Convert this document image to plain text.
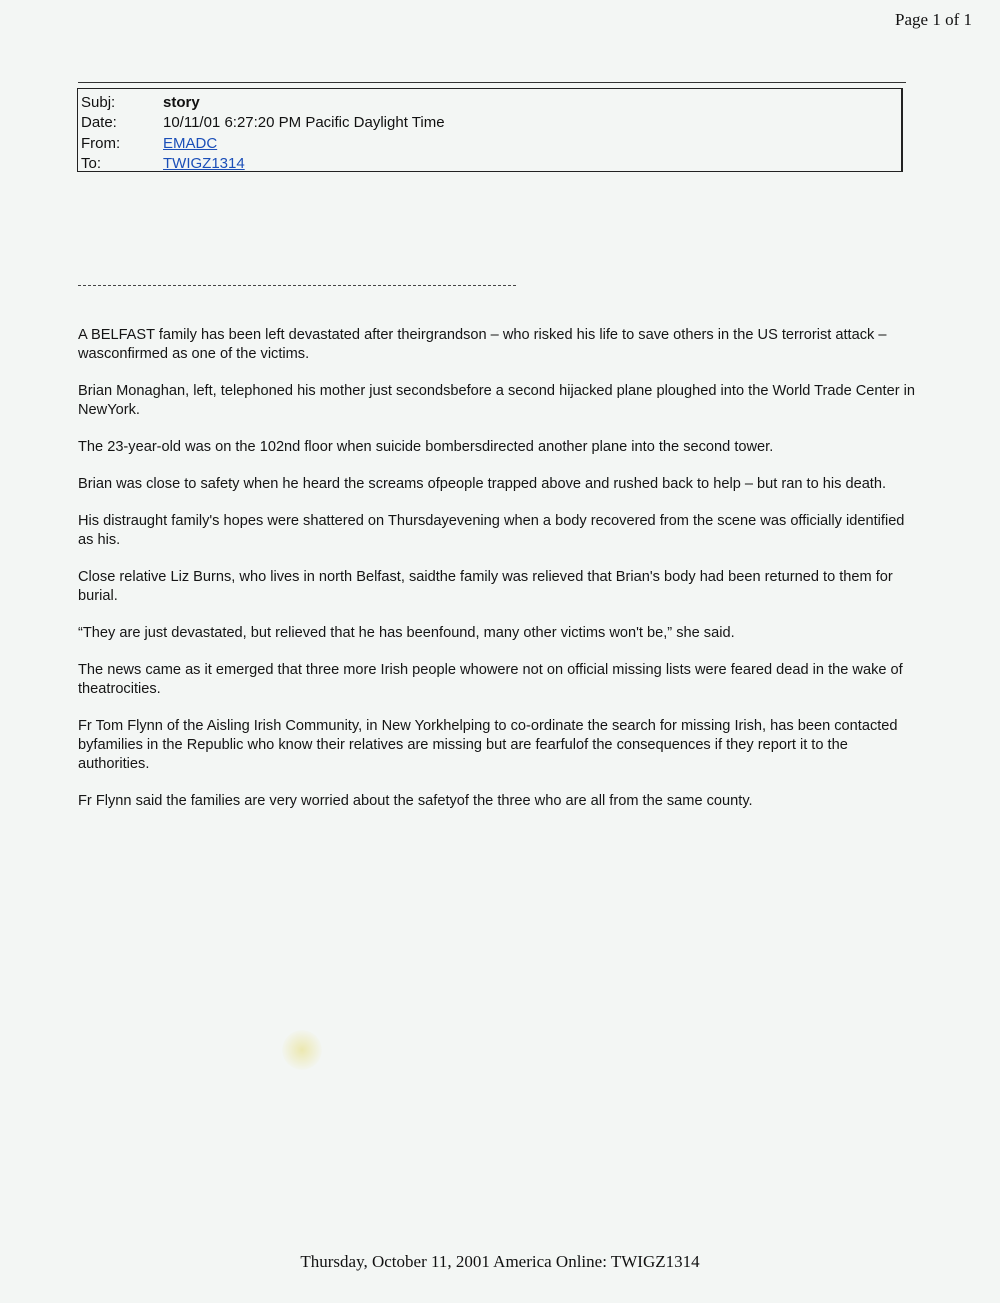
Page 1 of 1
Subj:	story
Date:	10/11/01 6:27:20 PM Pacific Daylight Time
From:	EMADC
To:	TWIGZ1314

A BELFAST family has been left devastated after theirgrandson – who risked his life to save others in the US terrorist attack – wasconfirmed as one of the victims.

Brian Monaghan, left, telephoned his mother just secondsbefore a second hijacked plane ploughed into the World Trade Center in NewYork.

The 23-year-old was on the 102nd floor when suicide bombersdirected another plane into the second tower.

Brian was close to safety when he heard the screams ofpeople trapped above and rushed back to help – but ran to his death.

His distraught family's hopes were shattered on Thursdayevening when a body recovered from the scene was officially identified as his.

Close relative Liz Burns, who lives in north Belfast, saidthe family was relieved that Brian's body had been returned to them for burial.

“They are just devastated, but relieved that he has beenfound, many other victims won't be,” she said.

The news came as it emerged that three more Irish people whowere not on official missing lists were feared dead in the wake of theatrocities.

Fr Tom Flynn of the Aisling Irish Community, in New Yorkhelping to co-ordinate the search for missing Irish, has been contacted byfamilies in the Republic who know their relatives are missing but are fearfulof the consequences if they report it to the authorities.

Fr Flynn said the families are very worried about the safetyof the three who are all from the same county.

Thursday, October 11, 2001 America Online: TWIGZ1314
